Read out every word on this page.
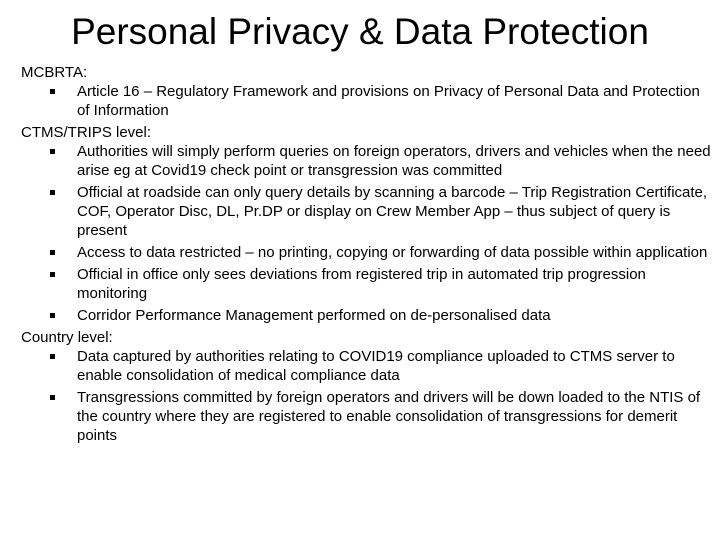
Personal Privacy & Data Protection

MCBRTA:

Article 16 – Regulatory Framework and provisions on Privacy of Personal Data and Protection of Information

CTMS/TRIPS level:

Authorities will simply perform queries on foreign operators, drivers and vehicles when the need arise eg at Covid19 check point or transgression was committed
Official at roadside can only query details by scanning a barcode – Trip Registration Certificate, COF, Operator Disc, DL, Pr.DP or display on Crew Member App – thus subject of query is present
Access to data restricted – no printing, copying or forwarding of data possible within application
Official in office only sees deviations from registered trip in automated trip progression monitoring
Corridor Performance Management performed on de-personalised data

Country level:

Data captured by authorities relating to COVID19 compliance uploaded to CTMS server to enable consolidation of medical compliance data
Transgressions committed by foreign operators and drivers will be down loaded to the NTIS of the country where they are registered to enable consolidation of transgressions for demerit points
